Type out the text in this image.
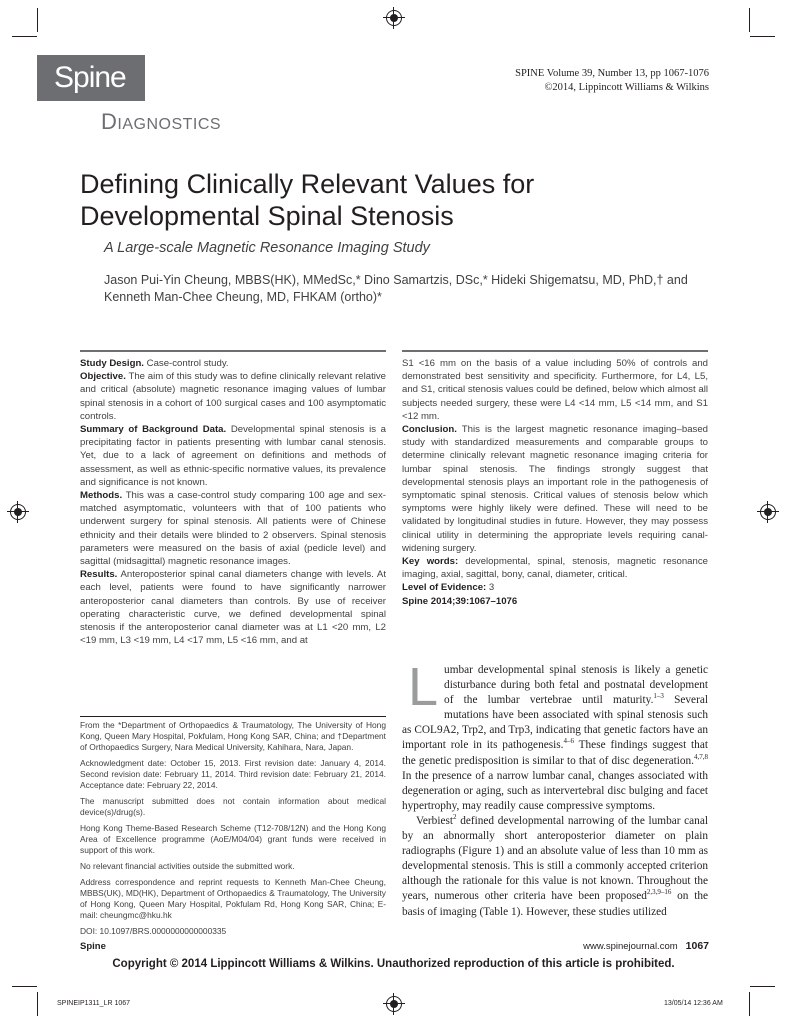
Spine
DIAGNOSTICS
SPINE Volume 39, Number 13, pp 1067-1076
©2014, Lippincott Williams & Wilkins
Defining Clinically Relevant Values for Developmental Spinal Stenosis
A Large-scale Magnetic Resonance Imaging Study
Jason Pui-Yin Cheung, MBBS(HK), MMedSc,* Dino Samartzis, DSc,* Hideki Shigematsu, MD, PhD,† and Kenneth Man-Chee Cheung, MD, FHKAM (ortho)*

Study Design. Case-control study.

Objective. The aim of this study was to define clinically relevant relative and critical (absolute) magnetic resonance imaging values of lumbar spinal stenosis in a cohort of 100 surgical cases and 100 asymptomatic controls.

Summary of Background Data. Developmental spinal stenosis is a precipitating factor in patients presenting with lumbar canal stenosis. Yet, due to a lack of agreement on definitions and methods of assessment, as well as ethnic-specific normative values, its prevalence and significance is not known.

Methods. This was a case-control study comparing 100 age and sex-matched asymptomatic, volunteers with that of 100 patients who underwent surgery for spinal stenosis. All patients were of Chinese ethnicity and their details were blinded to 2 observers. Spinal stenosis parameters were measured on the basis of axial (pedicle level) and sagittal (midsagittal) magnetic resonance images.

Results. Anteroposterior spinal canal diameters change with levels. At each level, patients were found to have significantly narrower anteroposterior canal diameters than controls. By use of receiver operating characteristic curve, we defined developmental spinal stenosis if the anteroposterior canal diameter was at L1 <20 mm, L2 <19 mm, L3 <19 mm, L4 <17 mm, L5 <16 mm, and at

S1 <16 mm on the basis of a value including 50% of controls and demonstrated best sensitivity and specificity. Furthermore, for L4, L5, and S1, critical stenosis values could be defined, below which almost all subjects needed surgery, these were L4 <14 mm, L5 <14 mm, and S1 <12 mm.

Conclusion. This is the largest magnetic resonance imaging–based study with standardized measurements and comparable groups to determine clinically relevant magnetic resonance imaging criteria for lumbar spinal stenosis. The findings strongly suggest that developmental stenosis plays an important role in the pathogenesis of symptomatic spinal stenosis. Critical values of stenosis below which symptoms were highly likely were defined. These will need to be validated by longitudinal studies in future. However, they may possess clinical utility in determining the appropriate levels requiring canal-widening surgery.

Key words: developmental, spinal, stenosis, magnetic resonance imaging, axial, sagittal, bony, canal, diameter, critical.

Level of Evidence: 3

Spine 2014;39:1067–1076

Lumbar developmental spinal stenosis is likely a genetic disturbance during both fetal and postnatal development of the lumbar vertebrae until maturity.$^{1-3}$ Several mutations have been associated with spinal stenosis such as COL9A2, Trp2, and Trp3, indicating that genetic factors have an important role in its pathogenesis.$^{4-6}$ These findings suggest that the genetic predisposition is similar to that of disc degeneration.$^{4,7,8}$ In the presence of a narrow lumbar canal, changes associated with degeneration or aging, such as intervertebral disc bulging and facet hypertrophy, may readily cause compressive symptoms.

Verbiest$^2$ defined developmental narrowing of the lumbar canal by an abnormally short anteroposterior diameter on plain radiographs (Figure 1) and an absolute value of less than 10 mm as developmental stenosis. This is still a commonly accepted criterion although the rationale for this value is not known. Throughout the years, numerous other criteria have been proposed$^{2,3,9-16}$ on the basis of imaging (Table 1). However, these studies utilized

From the *Department of Orthopaedics & Traumatology, The University of Hong Kong, Queen Mary Hospital, Pokfulam, Hong Kong SAR, China; and †Department of Orthopaedics Surgery, Nara Medical University, Kahihara, Nara, Japan.

Acknowledgment date: October 15, 2013. First revision date: January 4, 2014. Second revision date: February 11, 2014. Third revision date: February 21, 2014. Acceptance date: February 22, 2014.

The manuscript submitted does not contain information about medical device(s)/drug(s).

Hong Kong Theme-Based Research Scheme (T12-708/12N) and the Hong Kong Area of Excellence programme (AoE/M04/04) grant funds were received in support of this work.

No relevant financial activities outside the submitted work.

Address correspondence and reprint requests to Kenneth Man-Chee Cheung, MBBS(UK), MD(HK), Department of Orthopaedics & Traumatology, The University of Hong Kong, Queen Mary Hospital, Pokfulam Rd, Hong Kong SAR, China; E-mail: cheungmc@hku.hk

DOI: 10.1097/BRS.0000000000000335

Spine	www.spinejournal.com 1067
Copyright © 2014 Lippincott Williams & Wilkins. Unauthorized reproduction of this article is prohibited.
SPINEIP1311_LR 1067	13/05/14 12:36 AM
